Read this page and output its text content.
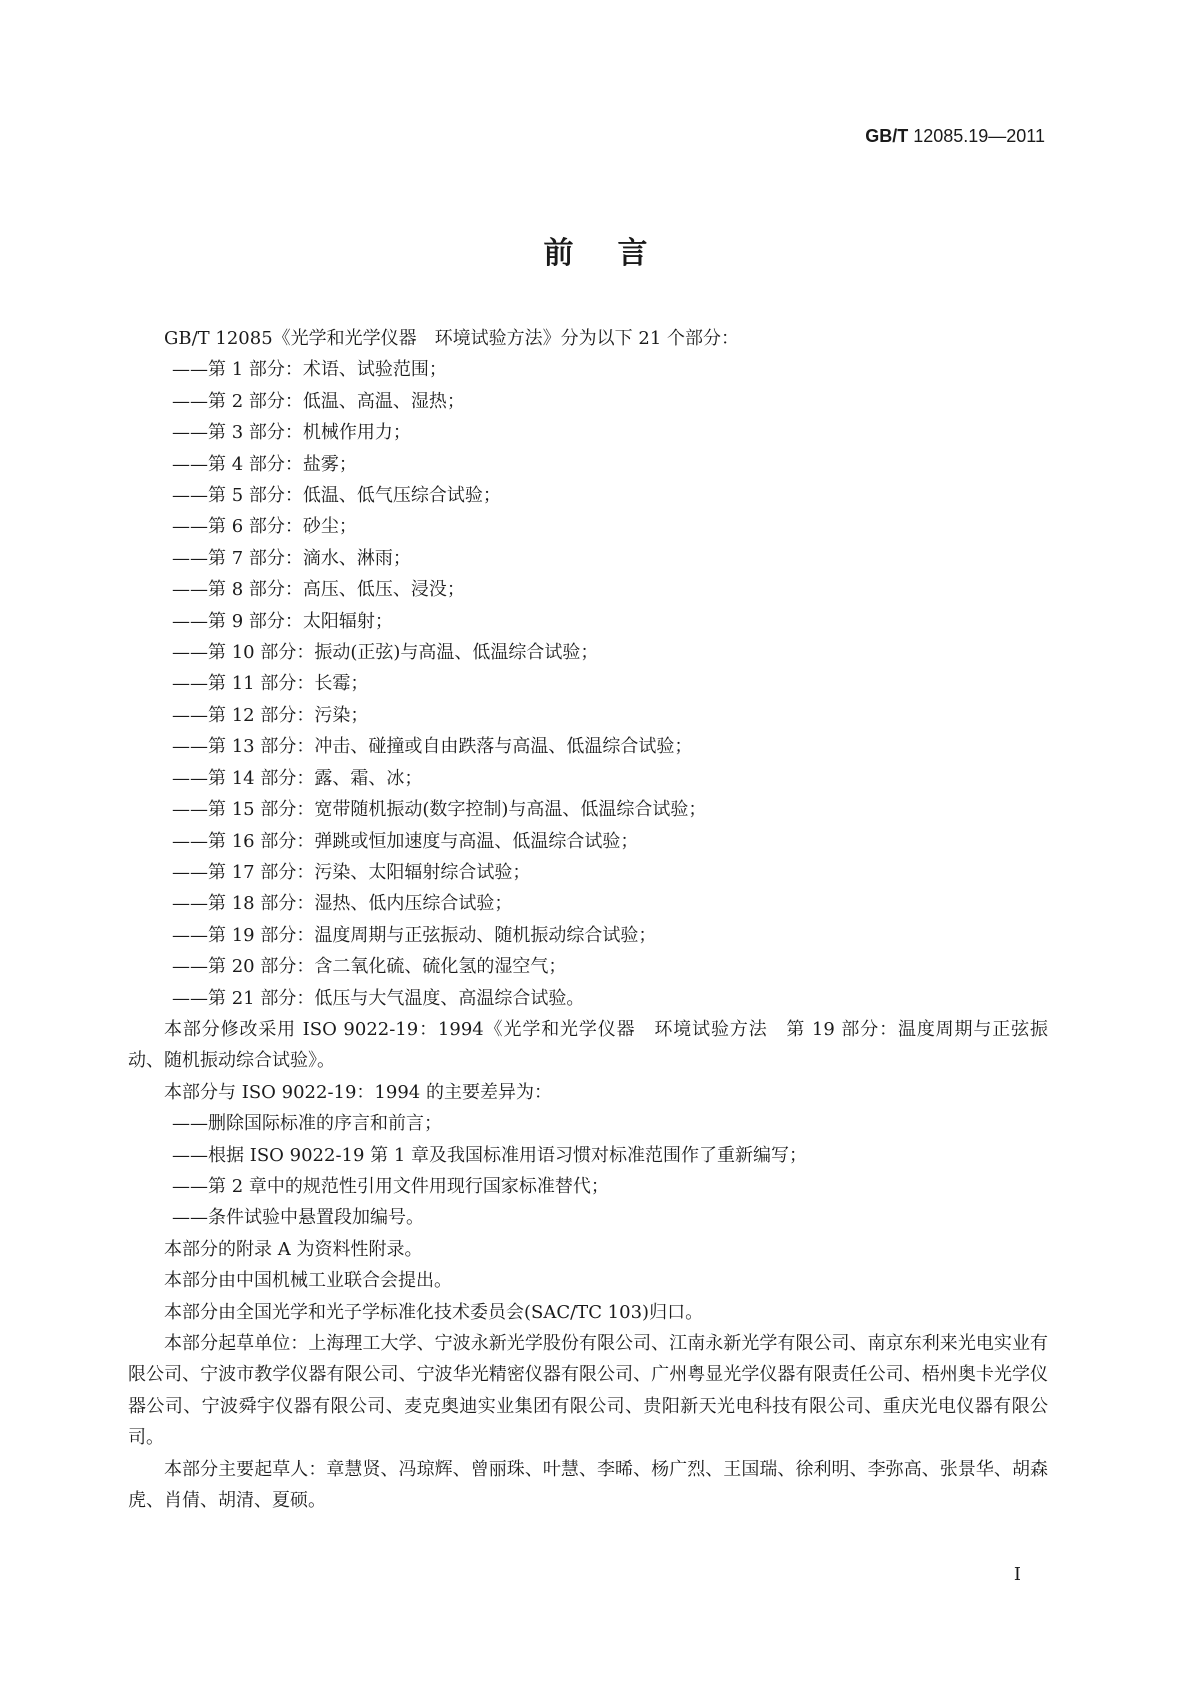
GB/T 12085.19—2011
前言

GB/T 12085《光学和光学仪器　环境试验方法》分为以下 21 个部分：

——第 1 部分：术语、试验范围；

——第 2 部分：低温、高温、湿热；

——第 3 部分：机械作用力；

——第 4 部分：盐雾；

——第 5 部分：低温、低气压综合试验；

——第 6 部分：砂尘；

——第 7 部分：滴水、淋雨；

——第 8 部分：高压、低压、浸没；

——第 9 部分：太阳辐射；

——第 10 部分：振动(正弦)与高温、低温综合试验；

——第 11 部分：长霉；

——第 12 部分：污染；

——第 13 部分：冲击、碰撞或自由跌落与高温、低温综合试验；

——第 14 部分：露、霜、冰；

——第 15 部分：宽带随机振动(数字控制)与高温、低温综合试验；

——第 16 部分：弹跳或恒加速度与高温、低温综合试验；

——第 17 部分：污染、太阳辐射综合试验；

——第 18 部分：湿热、低内压综合试验；

——第 19 部分：温度周期与正弦振动、随机振动综合试验；

——第 20 部分：含二氧化硫、硫化氢的湿空气；

——第 21 部分：低压与大气温度、高温综合试验。

本部分修改采用 ISO 9022-19：1994《光学和光学仪器　环境试验方法　第 19 部分：温度周期与正弦振动、随机振动综合试验》。

本部分与 ISO 9022-19：1994 的主要差异为：

——删除国际标准的序言和前言；

——根据 ISO 9022-19 第 1 章及我国标准用语习惯对标准范围作了重新编写；

——第 2 章中的规范性引用文件用现行国家标准替代；

——条件试验中悬置段加编号。

本部分的附录 A 为资料性附录。

本部分由中国机械工业联合会提出。

本部分由全国光学和光子学标准化技术委员会(SAC/TC 103)归口。

本部分起草单位：上海理工大学、宁波永新光学股份有限公司、江南永新光学有限公司、南京东利来光电实业有限公司、宁波市教学仪器有限公司、宁波华光精密仪器有限公司、广州粤显光学仪器有限责任公司、梧州奥卡光学仪器公司、宁波舜宇仪器有限公司、麦克奥迪实业集团有限公司、贵阳新天光电科技有限公司、重庆光电仪器有限公司。

本部分主要起草人：章慧贤、冯琼辉、曾丽珠、叶慧、李晞、杨广烈、王国瑞、徐利明、李弥高、张景华、胡森虎、肖倩、胡清、夏硕。

I
